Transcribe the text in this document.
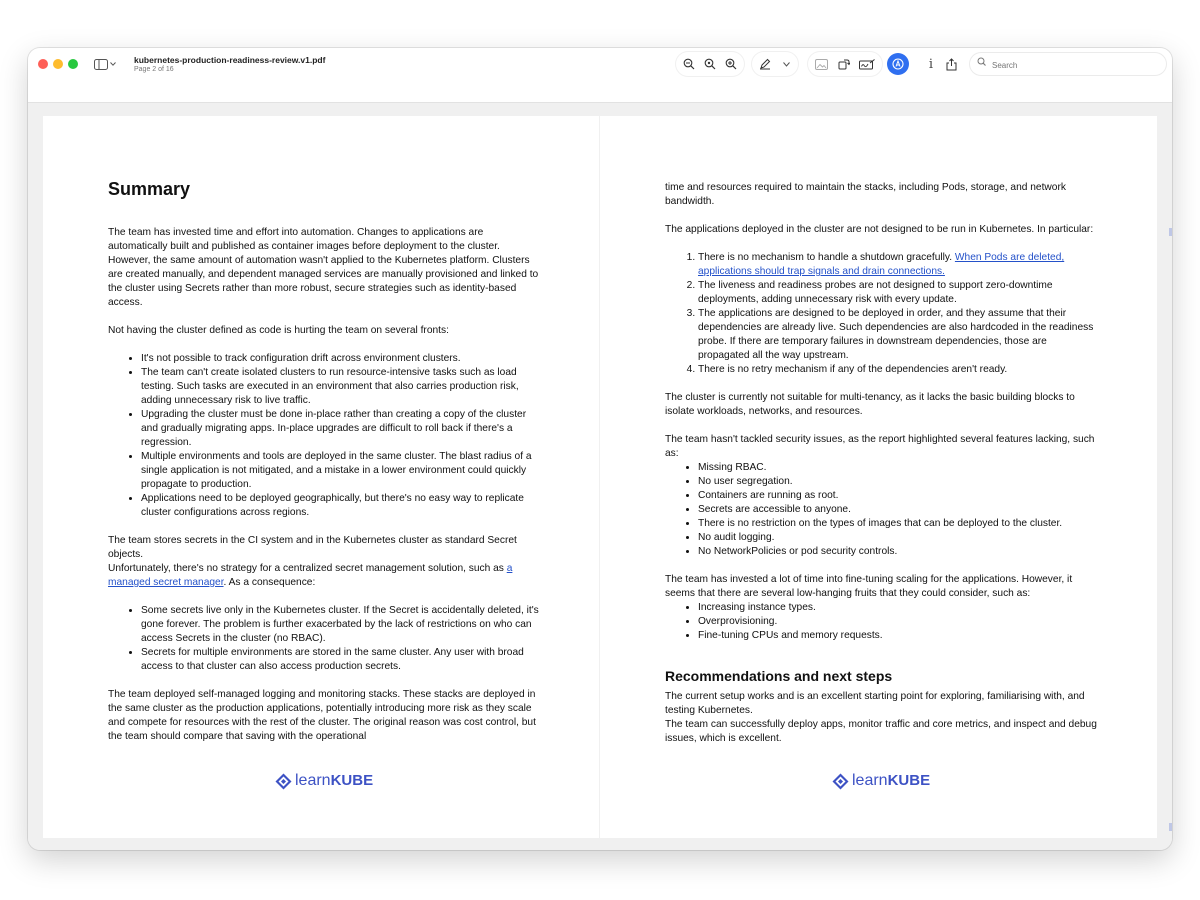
kubernetes-production-readiness-review.v1.pdf
Page 2 of 16	i
Search
Summary

The team has invested time and effort into automation. Changes to applications are automatically built and published as container images before deployment to the cluster. However, the same amount of automation wasn't applied to the Kubernetes platform. Clusters are created manually, and dependent managed services are manually provisioned and linked to the cluster using Secrets rather than more robust, secure strategies such as identity-based access.

Not having the cluster defined as code is hurting the team on several fronts:

• It's not possible to track configuration drift across environment clusters.
• The team can't create isolated clusters to run resource-intensive tasks such as load testing. Such tasks are executed in an environment that also carries production risk, adding unnecessary risk to live traffic.
• Upgrading the cluster must be done in-place rather than creating a copy of the cluster and gradually migrating apps. In-place upgrades are difficult to roll back if there's a regression.
• Multiple environments and tools are deployed in the same cluster. The blast radius of a single application is not mitigated, and a mistake in a lower environment could quickly propagate to production.
• Applications need to be deployed geographically, but there's no easy way to replicate cluster configurations across regions.

The team stores secrets in the CI system and in the Kubernetes cluster as standard Secret objects.

Unfortunately, there's no strategy for a centralized secret management solution, such as a managed secret manager. As a consequence:

• Some secrets live only in the Kubernetes cluster. If the Secret is accidentally deleted, it's gone forever. The problem is further exacerbated by the lack of restrictions on who can access Secrets in the cluster (no RBAC).
• Secrets for multiple environments are stored in the same cluster. Any user with broad access to that cluster can also access production secrets.

The team deployed self-managed logging and monitoring stacks. These stacks are deployed in the same cluster as the production applications, potentially introducing more risk as they scale and compete for resources with the rest of the cluster. The original reason was cost control, but the team should compare that saving with the operational

learnKUBE

time and resources required to maintain the stacks, including Pods, storage, and network bandwidth.

The applications deployed in the cluster are not designed to be run in Kubernetes. In particular:

1. There is no mechanism to handle a shutdown gracefully. When Pods are deleted, applications should trap signals and drain connections.
2. The liveness and readiness probes are not designed to support zero-downtime deployments, adding unnecessary risk with every update.
3. The applications are designed to be deployed in order, and they assume that their dependencies are already live. Such dependencies are also hardcoded in the readiness probe. If there are temporary failures in downstream dependencies, those are propagated all the way upstream.
4. There is no retry mechanism if any of the dependencies aren't ready.

The cluster is currently not suitable for multi-tenancy, as it lacks the basic building blocks to isolate workloads, networks, and resources.

The team hasn't tackled security issues, as the report highlighted several features lacking, such as:

• Missing RBAC.
• No user segregation.
• Containers are running as root.
• Secrets are accessible to anyone.
• There is no restriction on the types of images that can be deployed to the cluster.
• No audit logging.
• No NetworkPolicies or pod security controls.

The team has invested a lot of time into fine-tuning scaling for the applications. However, it seems that there are several low-hanging fruits that they could consider, such as:

• Increasing instance types.
• Overprovisioning.
• Fine-tuning CPUs and memory requests.
Recommendations and next steps

The current setup works and is an excellent starting point for exploring, familiarising with, and testing Kubernetes.

The team can successfully deploy apps, monitor traffic and core metrics, and inspect and debug issues, which is excellent.

learnKUBE
